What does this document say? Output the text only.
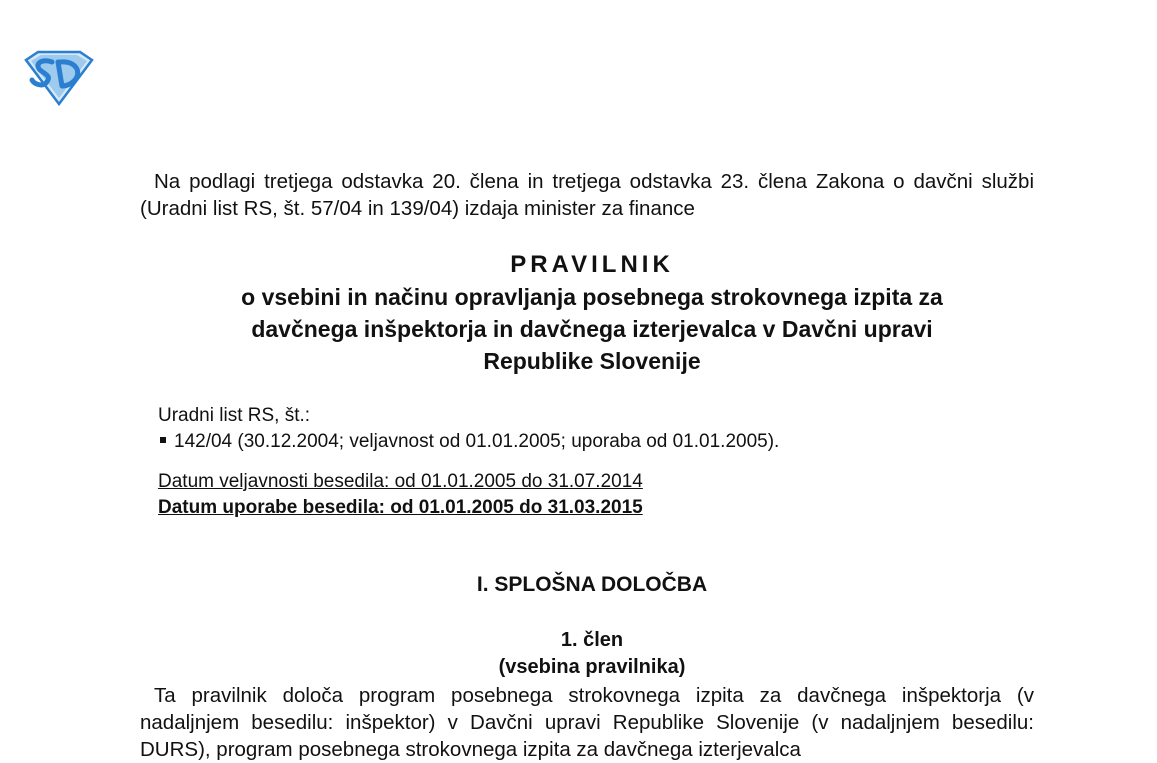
Na podlagi tretjega odstavka 20. člena in tretjega odstavka 23. člena Zakona o davčni službi (Uradni list RS, št. 57/04 in 139/04) izdaja minister za finance
PRAVILNIK
o vsebini in načinu opravljanja posebnega strokovnega izpita za
davčnega inšpektorja in davčnega izterjevalca v Davčni upravi
Republike Slovenije
Uradni list RS, št.:
142/04 (30.12.2004; veljavnost od 01.01.2005; uporaba od 01.01.2005).
Datum veljavnosti besedila: od 01.01.2005 do 31.07.2014
Datum uporabe besedila: od 01.01.2005 do 31.03.2015
I. SPLOŠNA DOLOČBA
1. člen
(vsebina pravilnika)
Ta pravilnik določa program posebnega strokovnega izpita za davčnega inšpektorja (v nadaljnjem besedilu: inšpektor) v Davčni upravi Republike Slovenije (v nadaljnjem besedilu: DURS), program posebnega strokovnega izpita za davčnega izterjevalca
